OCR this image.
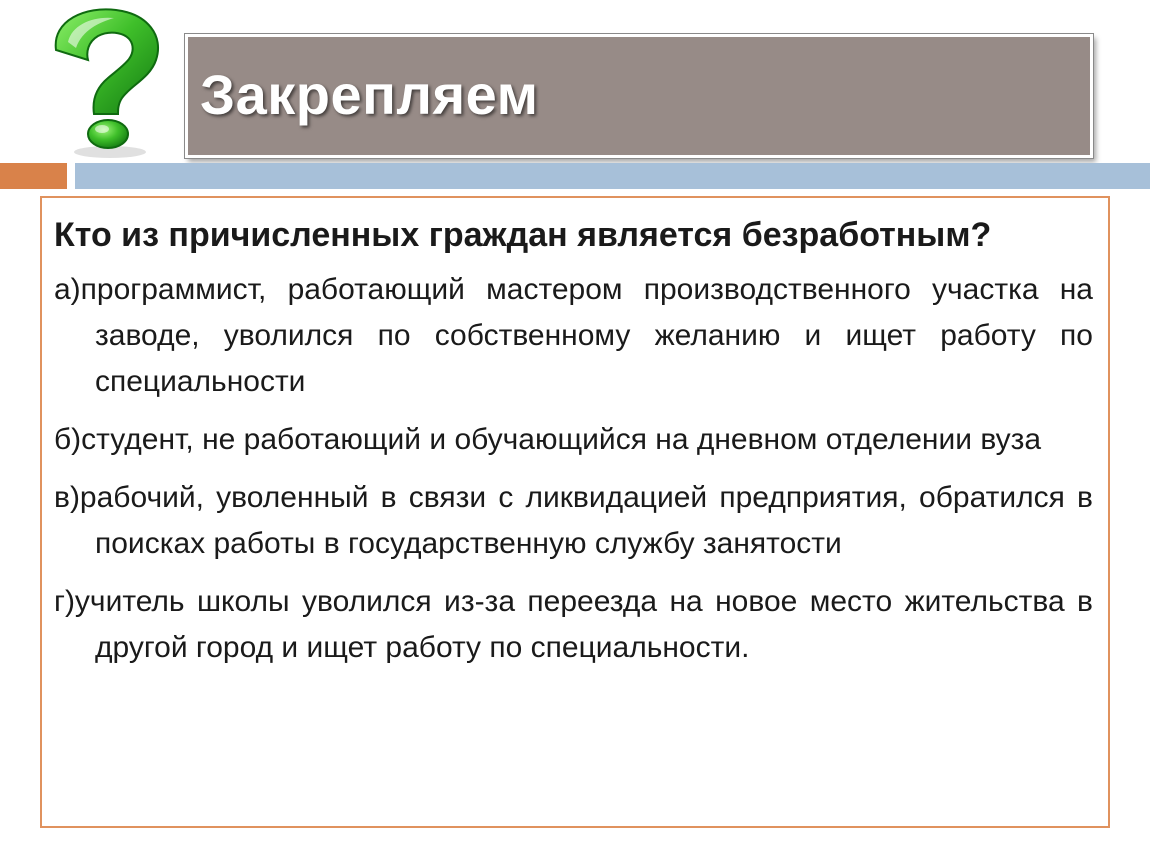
Закрепляем

Кто из причисленных граждан является безработным?

а)программист, работающий мастером производственного участка на заводе, уволился по собственному желанию и ищет работу по специальности

б)студент, не работающий и обучающийся на дневном отделении вуза

в)рабочий, уволенный в связи с ликвидацией предприятия, обратился в поисках работы в государственную службу занятости

г)учитель школы уволился из-за переезда на новое место жительства в другой город и ищет работу по специальности.
